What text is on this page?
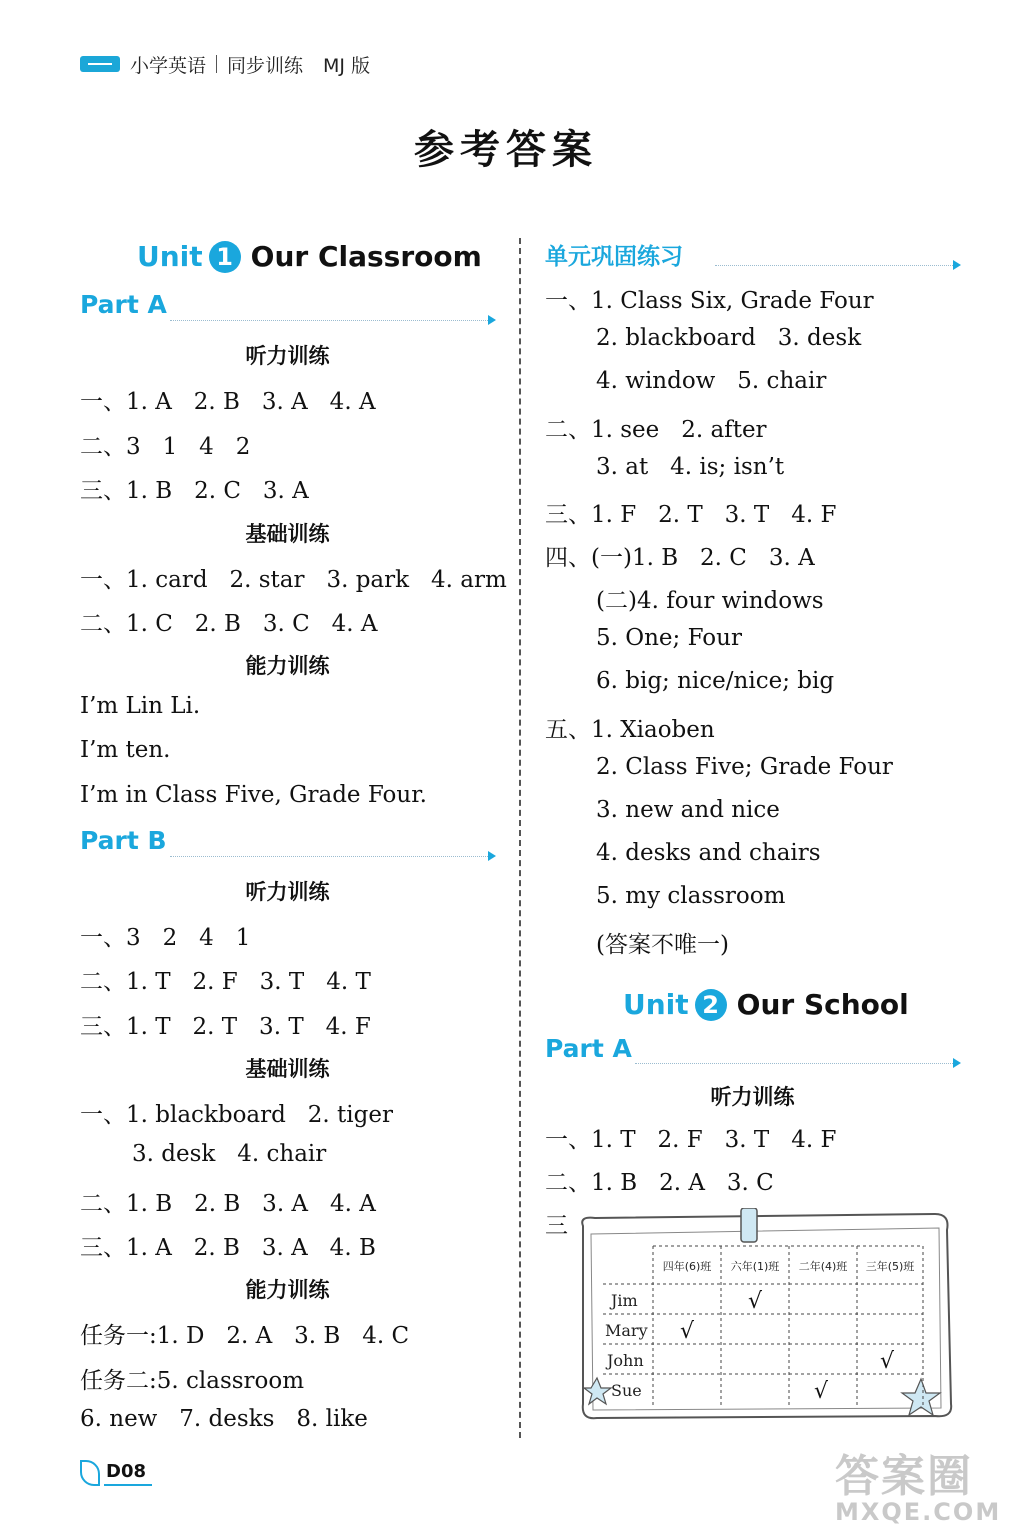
小学英语 同步训练 MJ 版
参考答案
Unit 1 Our Classroom
Part A
听力训练
一、1. A   2. B   3. A   4. A
二、3   1   4   2
三、1. B   2. C   3. A
基础训练
一、1. card   2. star   3. park   4. arm
二、1. C   2. B   3. C   4. A
能力训练
I’m Lin Li.
I’m ten.
I’m in Class Five, Grade Four.
Part B
听力训练
一、3   2   4   1
二、1. T   2. F   3. T   4. T
三、1. T   2. T   3. T   4. F
基础训练
一、1. blackboard   2. tiger
3. desk   4. chair
二、1. B   2. B   3. A   4. A
三、1. A   2. B   3. A   4. B
能力训练
任务一:1. D   2. A   3. B   4. C
任务二:5. classroom
6. new   7. desks   8. like
单元巩固练习
一、1. Class Six, Grade Four
2. blackboard   3. desk
4. window   5. chair
二、1. see   2. after
3. at   4. is; isn’t
三、1. F   2. T   3. T   4. F
四、(一)1. B   2. C   3. A
(二)4. four windows
5. One; Four
6. big; nice/nice; big
五、1. Xiaoben
2. Class Five; Grade Four
3. new and nice
4. desks and chairs
5. my classroom
(答案不唯一)
Unit 2 Our School
Part A
听力训练
一、1. T   2. F   3. T   4. F
二、1. B   2. A   3. C
三
四年(6)班 六年(1)班 二年(4)班 三年(5)班
Jim
Mary
John
Sue
√
√
√
√
D08	答案圈
MXQE.COM
